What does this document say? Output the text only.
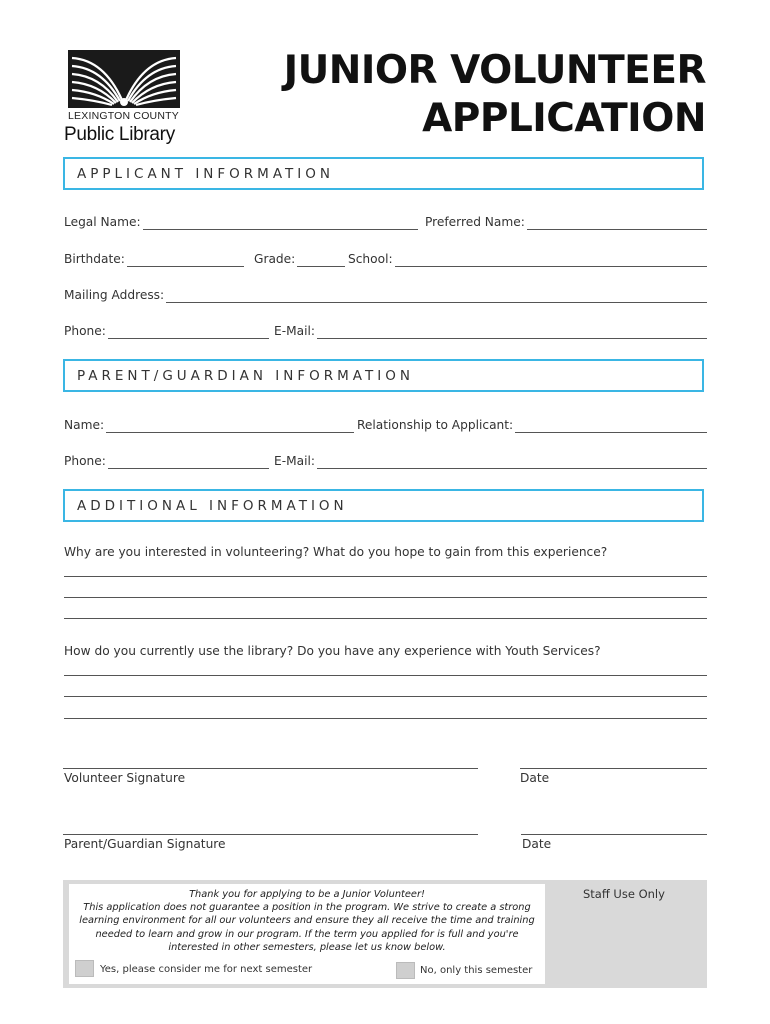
LEXINGTON COUNTY
Public Library
JUNIOR VOLUNTEER
APPLICATION
APPLICANT INFORMATION
Legal Name:	Preferred Name:
Birthdate:	Grade:	School:
Mailing Address:
Phone:	E-Mail:
PARENT/GUARDIAN INFORMATION
Name:	Relationship to Applicant:
Phone:	E-Mail:
ADDITIONAL INFORMATION
Why are you interested in volunteering? What do you hope to gain from this experience?
How do you currently use the library? Do you have any experience with Youth Services?
Volunteer Signature	Date
Parent/Guardian Signature	Date
Thank you for applying to be a Junior Volunteer!
This application does not guarantee a position in the program. We strive to create a strong learning environment for all our volunteers and ensure they all receive the time and training needed to learn and grow in our program. If the term you applied for is full and you're interested in other semesters, please let us know below.
Yes, please consider me for next semester	No, only this semester
Staff Use Only
